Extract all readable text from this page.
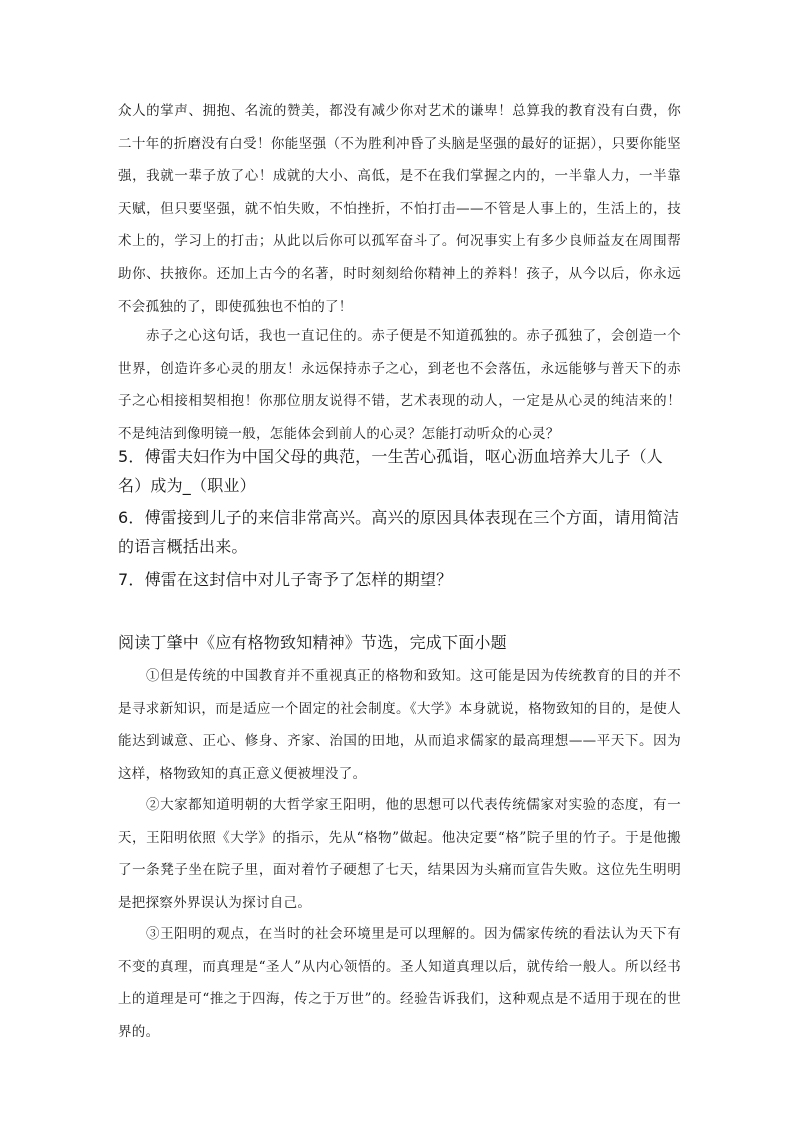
众人的掌声、拥抱、名流的赞美，都没有减少你对艺术的谦卑！总算我的教育没有白费，你二十年的折磨没有白受！你能坚强（不为胜利冲昏了头脑是坚强的最好的证据），只要你能坚强，我就一辈子放了心！成就的大小、高低，是不在我们掌握之内的，一半靠人力，一半靠天赋，但只要坚强，就不怕失败，不怕挫折，不怕打击——不管是人事上的，生活上的，技术上的，学习上的打击；从此以后你可以孤军奋斗了。何况事实上有多少良师益友在周围帮助你、扶掖你。还加上古今的名著，时时刻刻给你精神上的养料！孩子，从今以后，你永远不会孤独的了，即使孤独也不怕的了！

赤子之心这句话，我也一直记住的。赤子便是不知道孤独的。赤子孤独了，会创造一个世界，创造许多心灵的朋友！永远保持赤子之心，到老也不会落伍，永远能够与普天下的赤子之心相接相契相抱！你那位朋友说得不错，艺术表现的动人，一定是从心灵的纯洁来的！不是纯洁到像明镜一般，怎能体会到前人的心灵？怎能打动听众的心灵？

5．傅雷夫妇作为中国父母的典范，一生苦心孤诣，呕心沥血培养大儿子（人名）成为_（职业）

6．傅雷接到儿子的来信非常高兴。高兴的原因具体表现在三个方面，请用简洁的语言概括出来。

7．傅雷在这封信中对儿子寄予了怎样的期望？

阅读丁肇中《应有格物致知精神》节选，完成下面小题

①但是传统的中国教育并不重视真正的格物和致知。这可能是因为传统教育的目的并不是寻求新知识，而是适应一个固定的社会制度。《大学》本身就说，格物致知的目的，是使人能达到诚意、正心、修身、齐家、治国的田地，从而追求儒家的最高理想——平天下。因为这样，格物致知的真正意义便被埋没了。

②大家都知道明朝的大哲学家王阳明，他的思想可以代表传统儒家对实验的态度，有一天，王阳明依照《大学》的指示，先从“格物”做起。他决定要“格”院子里的竹子。于是他搬了一条凳子坐在院子里，面对着竹子硬想了七天，结果因为头痛而宣告失败。这位先生明明是把探察外界误认为探讨自己。

③王阳明的观点，在当时的社会环境里是可以理解的。因为儒家传统的看法认为天下有不变的真理，而真理是“圣人”从内心领悟的。圣人知道真理以后，就传给一般人。所以经书上的道理是可“推之于四海，传之于万世”的。经验告诉我们，这种观点是不适用于现在的世界的。
